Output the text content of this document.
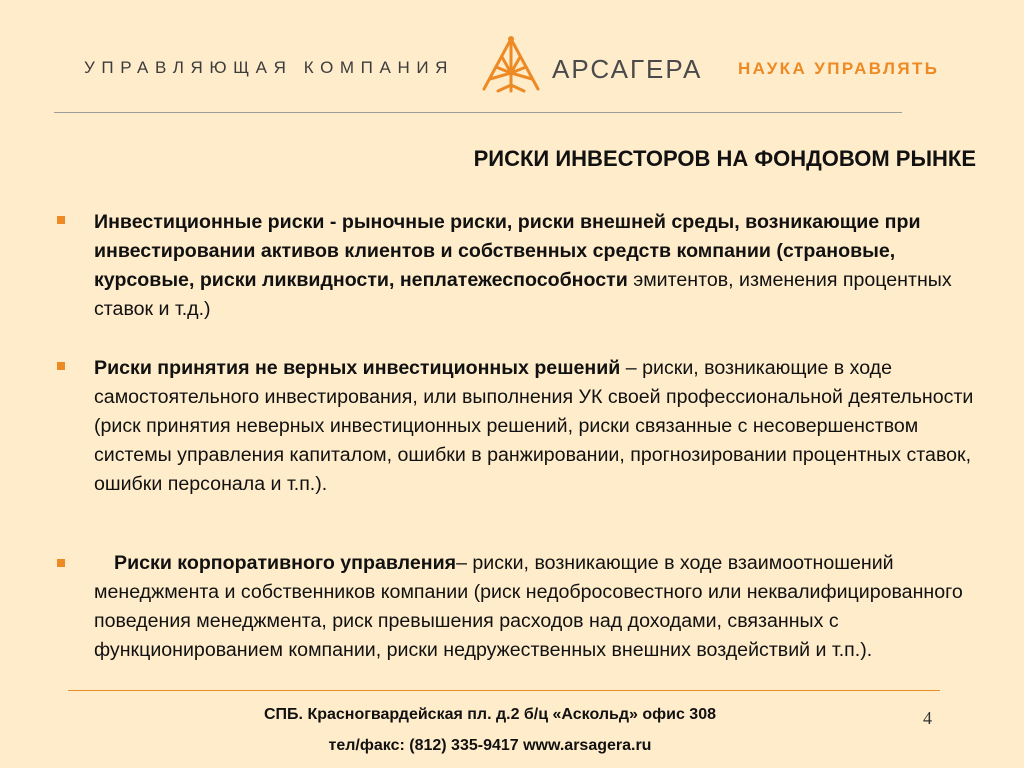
УПРАВЛЯЮЩАЯ КОМПАНИЯ	АРСАГЕРА НАУКА УПРАВЛЯТЬ
РИСКИ ИНВЕСТОРОВ НА ФОНДОВОМ РЫНКЕ
Инвестиционные риски - рыночные риски, риски внешней среды, возникающие при инвестировании активов клиентов и собственных средств компании (страновые, курсовые, риски ликвидности, неплатежеспособности эмитентов, изменения процентных ставок и т.д.)
Риски принятия не верных инвестиционных решений – риски, возникающие в ходе самостоятельного инвестирования, или выполнения УК своей профессиональной деятельности (риск принятия неверных инвестиционных решений, риски связанные с несовершенством системы управления капиталом, ошибки в ранжировании, прогнозировании процентных ставок, ошибки персонала и т.п.).
Риски корпоративного управления– риски, возникающие в ходе взаимоотношений менеджмента и собственников компании (риск недобросовестного или неквалифицированного поведения менеджмента, риск превышения расходов над доходами, связанных с функционированием компании, риски недружественных внешних воздействий и т.п.).
СПБ. Красногвардейская пл. д.2 б/ц «Аскольд» офис 308
тел/факс: (812) 335-9417 www.arsagera.ru
4
